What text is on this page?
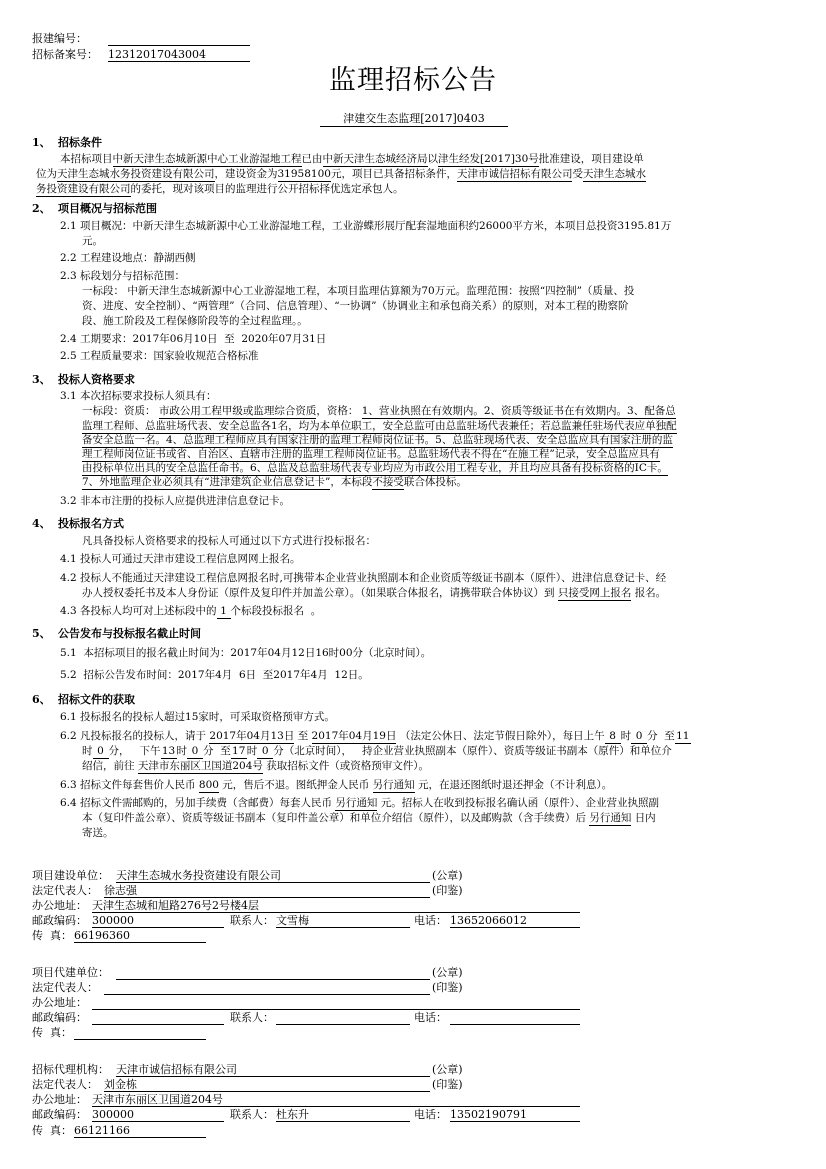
报建编号：
招标备案号： 12312017043004
监理招标公告
津建交生态监理[2017]0403
1、 招标条件
本招标项目中新天津生态城新源中心工业游湿地工程已由中新天津生态城经济局以津生经发[2017]30号批准建设，项目建设单
位为天津生态城水务投资建设有限公司，建设资金为31958100元，项目已具备招标条件，天津市诚信招标有限公司受天津生态城水
务投资建设有限公司的委托，现对该项目的监理进行公开招标择优选定承包人。
2、 项目概况与招标范围
2.1 项目概况：中新天津生态城新源中心工业游湿地工程，工业游蝶形展厅配套湿地面积约26000平方米，本项目总投资3195.81万
元。
2.2 工程建设地点：静湖西侧
2.3 标段划分与招标范围：
一标段： 中新天津生态城新源中心工业游湿地工程，本项目监理估算额为70万元。监理范围：按照“四控制”（质量、投
资、进度、安全控制）、“两管理”（合同、信息管理）、“一协调”（协调业主和承包商关系）的原则，对本工程的勘察阶
段、施工阶段及工程保修阶段等的全过程监理。。
2.4 工期要求：2017年06月10日  至  2020年07月31日
2.5 工程质量要求：国家验收规范合格标准
3、 投标人资格要求
3.1 本次招标要求投标人须具有：
一标段：资质： 市政公用工程甲级或监理综合资质，资格： 1、营业执照在有效期内。2、资质等级证书在有效期内。3、配备总
监理工程师、总监驻场代表、安全总监各1名，均为本单位职工，安全总监可由总监驻场代表兼任；若总监兼任驻场代表应单独配
备安全总监一名。4、总监理工程师应具有国家注册的监理工程师岗位证书。5、总监驻现场代表、安全总监应具有国家注册的监
理工程师岗位证书或省、自治区、直辖市注册的监理工程师岗位证书。总监驻场代表不得在“在施工程”记录，安全总监应具有
由投标单位出具的安全总监任命书。6、总监及总监驻场代表专业均应为市政公用工程专业，并且均应具备有投标资格的IC卡。
7、外地监理企业必须具有“进津建筑企业信息登记卡”，本标段不接受联合体投标。
3.2 非本市注册的投标人应提供进津信息登记卡。
4、 投标报名方式
凡具备投标人资格要求的投标人可通过以下方式进行投标报名：
4.1 投标人可通过天津市建设工程信息网网上报名。
4.2 投标人不能通过天津建设工程信息网报名时,可携带本企业营业执照副本和企业资质等级证书副本（原件）、进津信息登记卡、经
办人授权委托书及本人身份证（原件及复印件并加盖公章）。（如果联合体报名，请携带联合体协议）到 只接受网上报名 报名。
4.3 各投标人均可对上述标段中的 1 个标段投标报名  。
5、 公告发布与投标报名截止时间
5.1  本招标项目的报名截止时间为：2017年04月12日16时00分（北京时间）。
5.2  招标公告发布时间：2017年4月  6日  至2017年4月  12日。
6、 招标文件的获取
6.1 投标报名的投标人超过15家时，可采取资格预审方式。
6.2 凡投标报名的投标人，请于 2017年04月13日 至 2017年04月19日 （法定公休日、法定节假日除外），每日上午 8 时 0 分  至11
时 0 分，   下午13时 0 分  至17时 0 分（北京时间），   持企业营业执照副本（原件）、资质等级证书副本（原件）和单位介
绍信，前往 天津市东丽区卫国道204号 获取招标文件（或资格预审文件）。
6.3 招标文件每套售价人民币 800 元，售后不退。图纸押金人民币 另行通知 元，在退还图纸时退还押金（不计利息）。
6.4 招标文件需邮购的，另加手续费（含邮费）每套人民币 另行通知 元。招标人在收到投标报名确认函（原件）、企业营业执照副
本（复印件盖公章）、资质等级证书副本（复印件盖公章）和单位介绍信（原件），以及邮购款（含手续费）后 另行通知 日内
寄送。
项目建设单位： 天津生态城水务投资建设有限公司	(公章)
法定代表人： 徐志强	(印鉴)
办公地址： 天津生态城和旭路276号2号楼4层
邮政编码： 300000	联系人： 文雪梅	电话： 13652066012
传  真： 66196360
项目代建单位：	(公章)
法定代表人：	(印鉴)
办公地址：
邮政编码：	联系人：	电话：
传  真：
招标代理机构： 天津市诚信招标有限公司	(公章)
法定代表人： 刘金栋	(印鉴)
办公地址： 天津市东丽区卫国道204号
邮政编码： 300000	联系人： 杜东升	电话： 13502190791
传  真： 66121166
